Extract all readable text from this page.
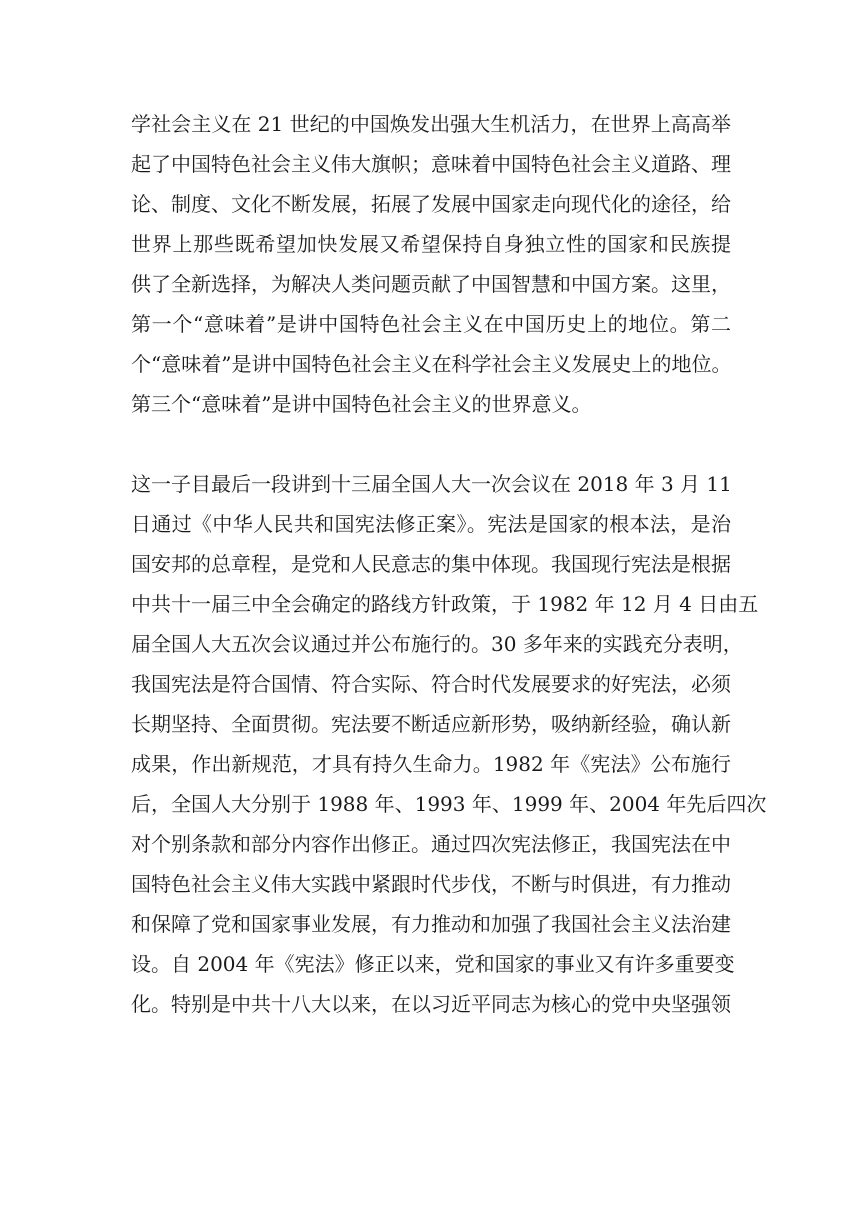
学社会主义在 21 世纪的中国焕发出强大生机活力，在世界上高高举
起了中国特色社会主义伟大旗帜；意味着中国特色社会主义道路、理
论、制度、文化不断发展，拓展了发展中国家走向现代化的途径，给
世界上那些既希望加快发展又希望保持自身独立性的国家和民族提
供了全新选择，为解决人类问题贡献了中国智慧和中国方案。这里，
第一个“意味着”是讲中国特色社会主义在中国历史上的地位。第二
个“意味着”是讲中国特色社会主义在科学社会主义发展史上的地位。
第三个“意味着”是讲中国特色社会主义的世界意义。
这一子目最后一段讲到十三届全国人大一次会议在 2018 年 3 月 11
日通过《中华人民共和国宪法修正案》。宪法是国家的根本法，是治
国安邦的总章程，是党和人民意志的集中体现。我国现行宪法是根据
中共十一届三中全会确定的路线方针政策，于 1982 年 12 月 4 日由五
届全国人大五次会议通过并公布施行的。30 多年来的实践充分表明，
我国宪法是符合国情、符合实际、符合时代发展要求的好宪法，必须
长期坚持、全面贯彻。宪法要不断适应新形势，吸纳新经验，确认新
成果，作出新规范，才具有持久生命力。1982 年《宪法》公布施行
后，全国人大分别于 1988 年、1993 年、1999 年、2004 年先后四次
对个别条款和部分内容作出修正。通过四次宪法修正，我国宪法在中
国特色社会主义伟大实践中紧跟时代步伐，不断与时俱进，有力推动
和保障了党和国家事业发展，有力推动和加强了我国社会主义法治建
设。自 2004 年《宪法》修正以来，党和国家的事业又有许多重要变
化。特别是中共十八大以来，在以习近平同志为核心的党中央坚强领
